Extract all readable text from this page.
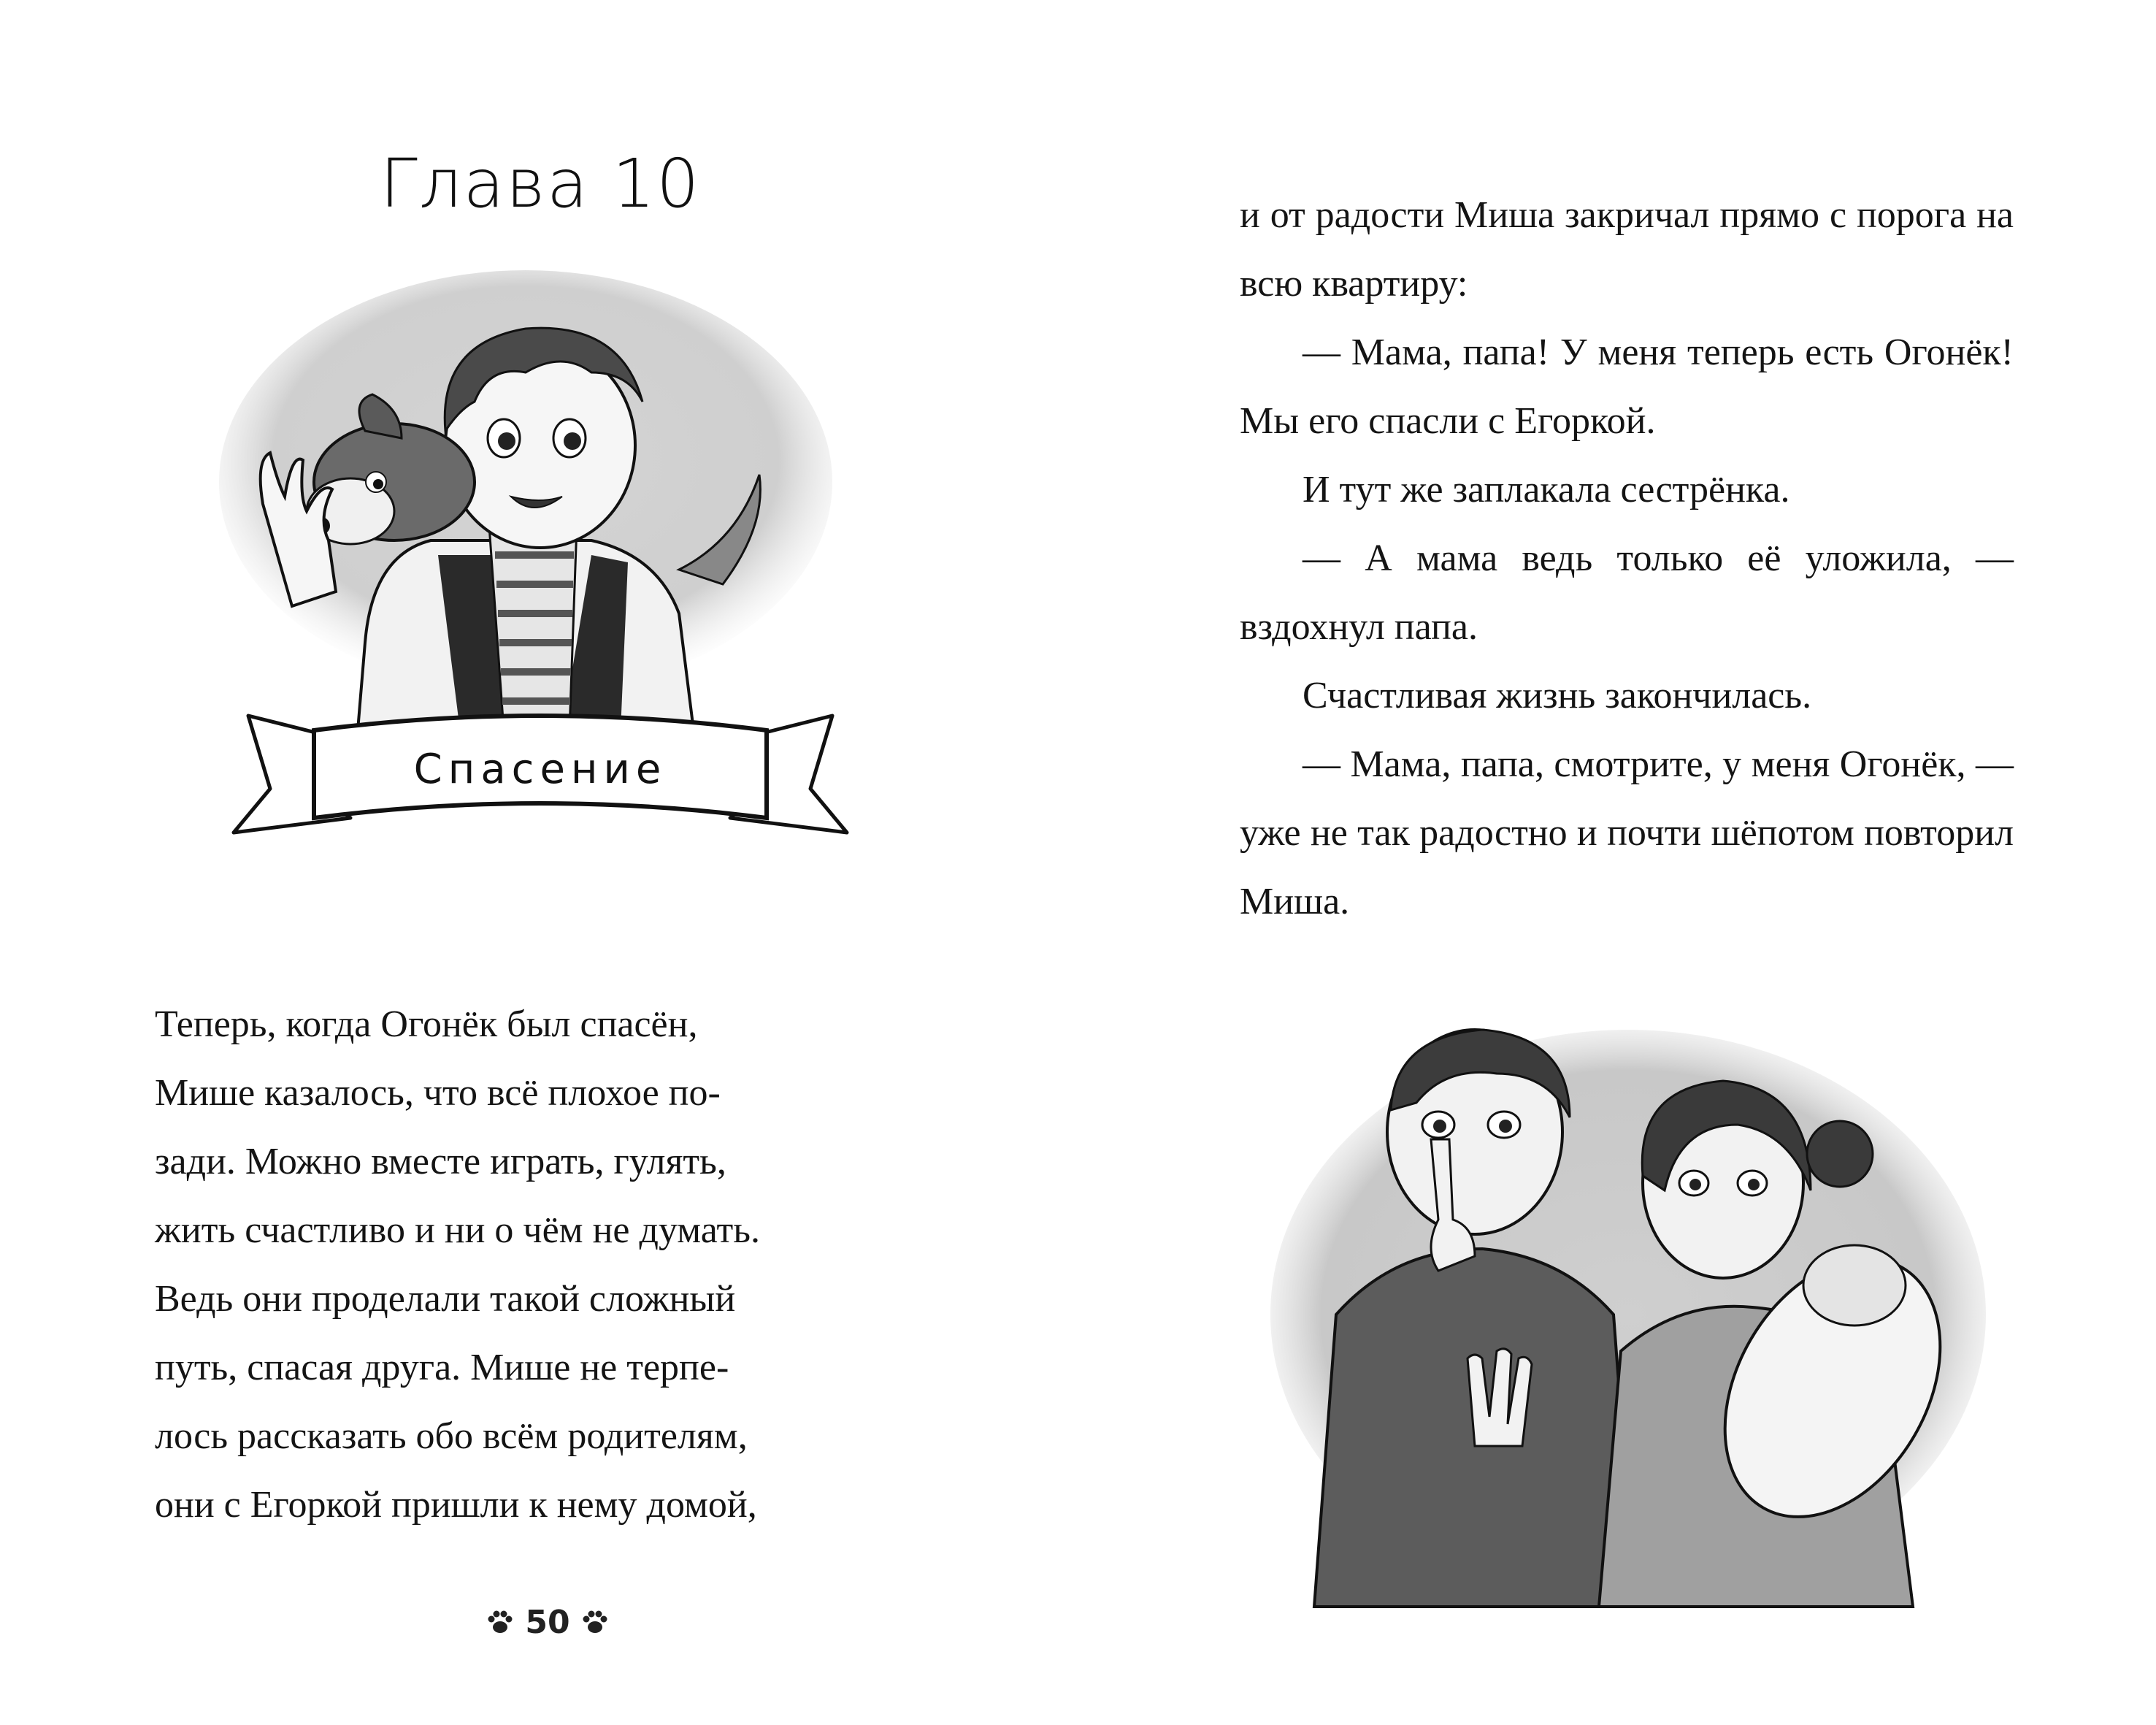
Глава 10
Спасение

Теперь, когда Огонёк был спасён,

Мише казалось, что всё плохое по-

зади. Можно вместе играть, гулять,

жить счастливо и ни о чём не думать.

Ведь они проделали такой сложный

путь, спасая друга. Мише не терпе-

лось рассказать обо всём родителям,

они с Егоркой пришли к нему домой,

и от радости Миша закричал прямо с порога на всю квартиру:

— Мама, папа! У меня теперь есть Огонёк! Мы его спасли с Егоркой.

И тут же заплакала сестрёнка.

— А мама ведь только её уложила, — вздохнул папа.

Счастливая жизнь закончилась.

— Мама, папа, смотрите, у меня Огонёк, — уже не так радостно и почти шёпотом повторил Миша.

50
